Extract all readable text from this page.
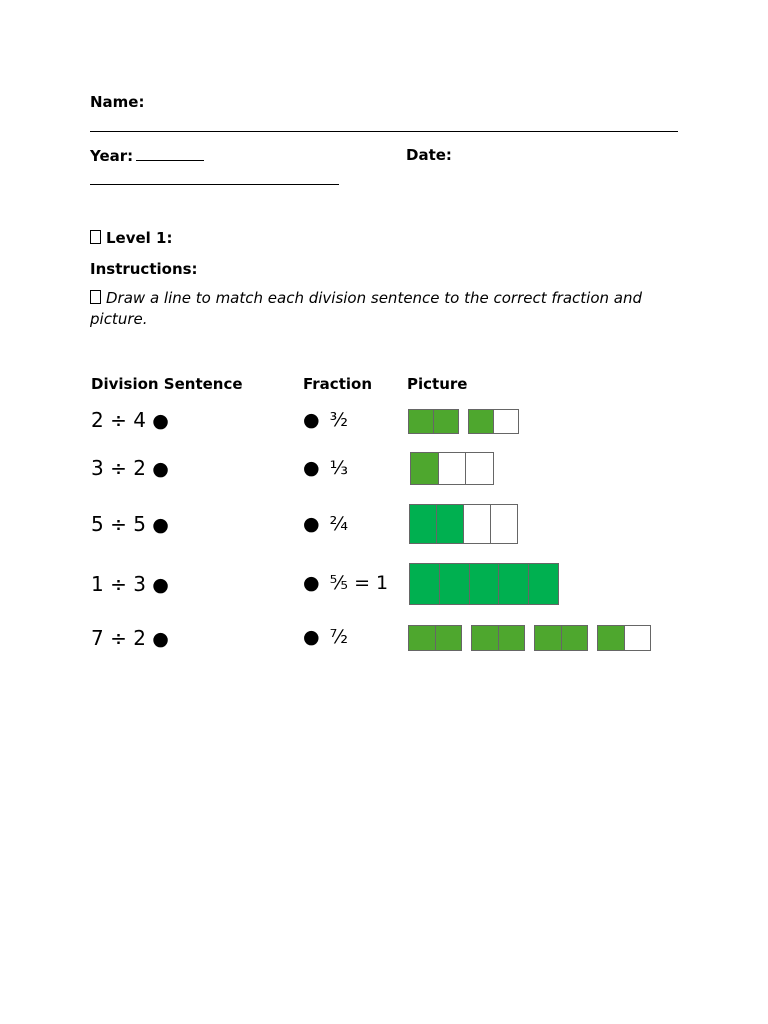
Name:
Year:	Date:
Level 1:
Instructions:
Draw a line to match each division sentence to the correct fraction and picture.
Division Sentence	Fraction Picture
2 ÷ 4 ●	● ³⁄₂
3 ÷ 2 ●	● ⅓
5 ÷ 5 ●	● ²⁄₄
1 ÷ 3 ●	● ⁵⁄₅ = 1
7 ÷ 2 ●	● ⁷⁄₂
